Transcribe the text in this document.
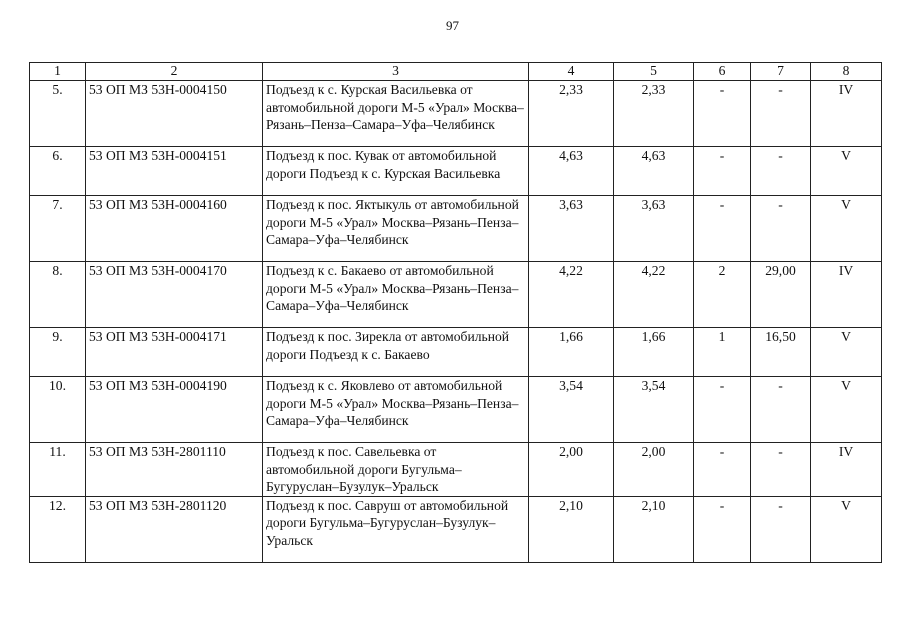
97
1	2	3	4	5	6	7	8
5.	53 ОП МЗ 53Н-0004150	Подъезд к с. Курская Васильевка от автомобильной дороги М-5 «Урал» Москва–Рязань–Пенза–Самара–Уфа–Челябинск	2,33	2,33	-	-	IV
6.	53 ОП МЗ 53Н-0004151	Подъезд к пос. Кувак от автомобильной дороги Подъезд к с. Курская Васильевка	4,63	4,63	-	-	V
7.	53 ОП МЗ 53Н-0004160	Подъезд к пос. Яктыкуль от автомобильной дороги М-5 «Урал» Москва–Рязань–Пенза–Самара–Уфа–Челябинск	3,63	3,63	-	-	V
8.	53 ОП МЗ 53Н-0004170	Подъезд к с. Бакаево от автомобильной дороги М-5 «Урал» Москва–Рязань–Пенза–Самара–Уфа–Челябинск	4,22	4,22	2	29,00	IV
9.	53 ОП МЗ 53Н-0004171	Подъезд к пос. Зирекла от автомобильной дороги Подъезд к с. Бакаево	1,66	1,66	1	16,50	V
10.	53 ОП МЗ 53Н-0004190	Подъезд к с. Яковлево от автомобильной дороги М-5 «Урал» Москва–Рязань–Пенза–Самара–Уфа–Челябинск	3,54	3,54	-	-	V
11.	53 ОП МЗ 53Н-2801110	Подъезд к пос. Савельевка от автомобильной дороги Бугульма–Бугуруслан–Бузулук–Уральск	2,00	2,00	-	-	IV
12.	53 ОП МЗ 53Н-2801120	Подъезд к пос. Савруш от автомобильной дороги Бугульма–Бугуруслан–Бузулук–Уральск	2,10	2,10	-	-	V
